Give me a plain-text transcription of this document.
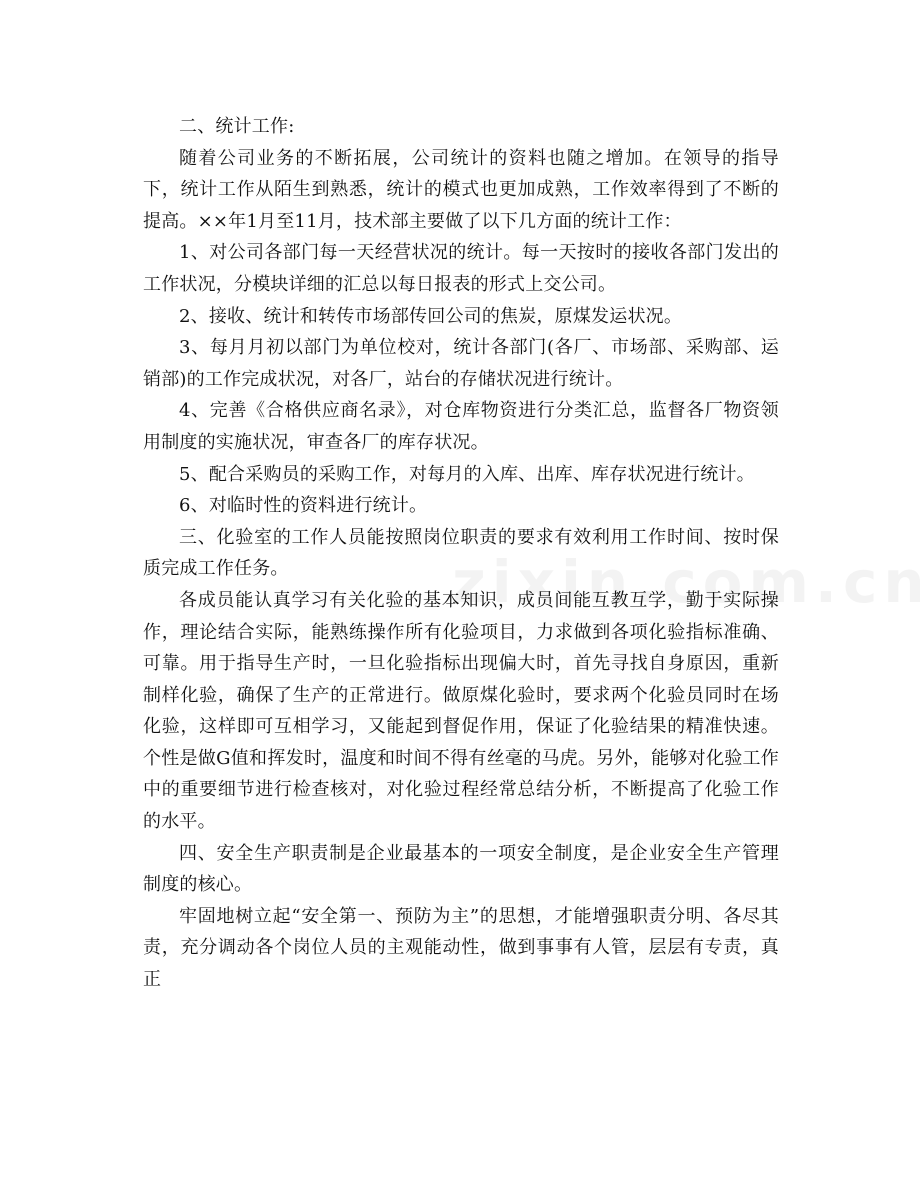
二、统计工作:

随着公司业务的不断拓展，公司统计的资料也随之增加。在领导的指导下，统计工作从陌生到熟悉，统计的模式也更加成熟，工作效率得到了不断的提高。××年1月至11月，技术部主要做了以下几方面的统计工作：

1、对公司各部门每一天经营状况的统计。每一天按时的接收各部门发出的工作状况，分模块详细的汇总以每日报表的形式上交公司。

2、接收、统计和转传市场部传回公司的焦炭，原煤发运状况。

3、每月月初以部门为单位校对，统计各部门(各厂、市场部、采购部、运销部)的工作完成状况，对各厂，站台的存储状况进行统计。

4、完善《合格供应商名录》，对仓库物资进行分类汇总，监督各厂物资领用制度的实施状况，审查各厂的库存状况。

5、配合采购员的采购工作，对每月的入库、出库、库存状况进行统计。

6、对临时性的资料进行统计。

三、化验室的工作人员能按照岗位职责的要求有效利用工作时间、按时保质完成工作任务。

各成员能认真学习有关化验的基本知识，成员间能互教互学，勤于实际操作，理论结合实际，能熟练操作所有化验项目，力求做到各项化验指标准确、可靠。用于指导生产时，一旦化验指标出现偏大时，首先寻找自身原因，重新制样化验，确保了生产的正常进行。做原煤化验时，要求两个化验员同时在场化验，这样即可互相学习，又能起到督促作用，保证了化验结果的精准快速。个性是做G值和挥发时，温度和时间不得有丝毫的马虎。另外，能够对化验工作中的重要细节进行检查核对，对化验过程经常总结分析，不断提高了化验工作的水平。

四、安全生产职责制是企业最基本的一项安全制度，是企业安全生产管理制度的核心。

牢固地树立起“安全第一、预防为主”的思想，才能增强职责分明、各尽其责，充分调动各个岗位人员的主观能动性，做到事事有人管，层层有专责，真正
